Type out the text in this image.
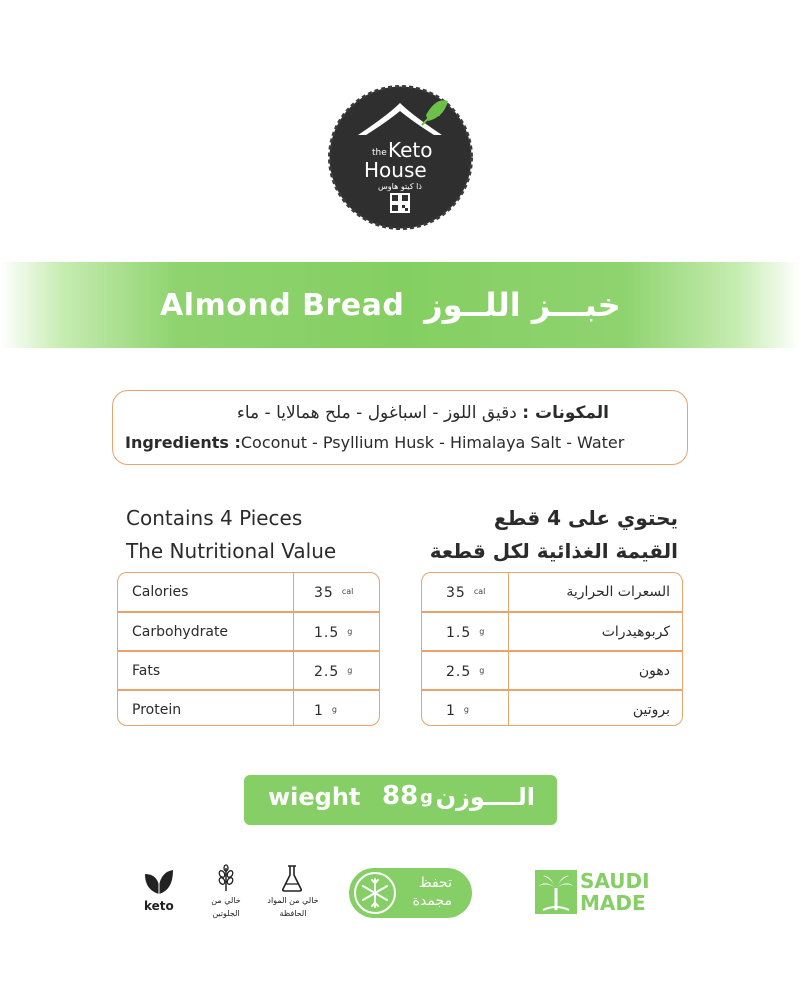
the Keto
House
ذا كيتو هاوس
Almond Bread خبـــز اللــوز
المكونات : دقيق اللوز - اسباغول - ملح همالايا - ماء
Ingredients :Coconut - Psyllium Husk - Himalaya Salt - Water
Contains 4 Pieces
The Nutritional Value
يحتوي على 4 قطع
القيمة الغذائية لكل قطعة
Calories	35 $^{cal}$
Carbohydrate	1.5 $^g$
Fats	2.5 $^g$
Protein	1 $^g$
35 $^{cal}$	السعرات الحرارية
1.5 $^g$	كربوهيدرات
2.5 $^g$	دهون
1 $^g$	بروتين
wieght 88 g الــــوزن
keto	خالي من
الجلوتين
خالي من المواد
الحافظة
تحفظ
مجمدة
SAUDI
MADE
